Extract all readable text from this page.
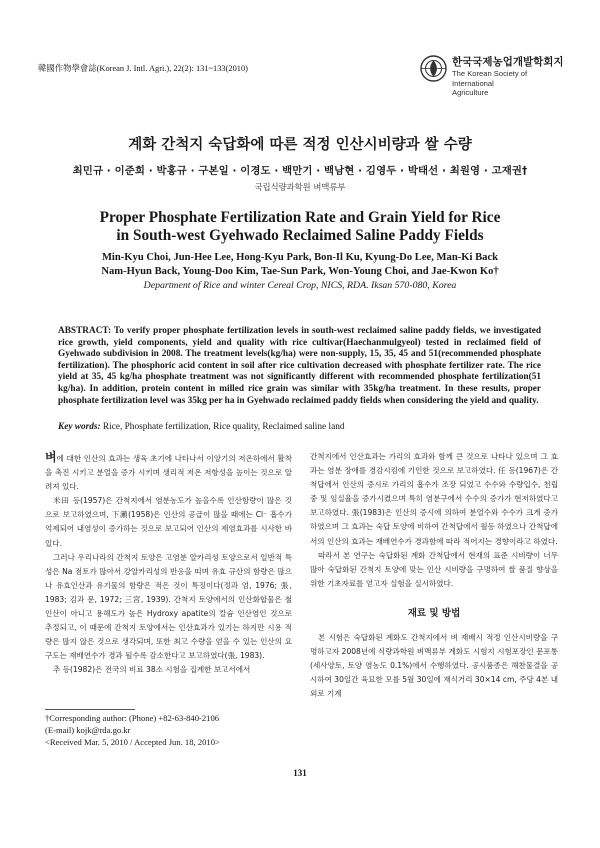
韓國作物學會誌(Korean J. Intl. Agri.), 22(2): 131~133(2010)
한국국제농업개발학회지
The Korean Society of International
Agriculture
계화 간척지 숙답화에 따른 적정 인산시비량과 쌀 수량
최민규 · 이준희 · 박홍규 · 구본일 · 이경도 · 백만기 · 백남현 · 김영두 · 박태선 · 최원영 · 고재권†
국립식량과학원 벼맥류부
Proper Phosphate Fertilization Rate and Grain Yield for Rice
in South-west Gyehwado Reclaimed Saline Paddy Fields
Min-Kyu Choi, Jun-Hee Lee, Hong-Kyu Park, Bon-Il Ku, Kyung-Do Lee, Man-Ki Back
Nam-Hyun Back, Young-Doo Kim, Tae-Sun Park, Won-Young Choi, and Jae-Kwon Ko†
Department of Rice and winter Cereal Crop, NICS, RDA. Iksan 570-080, Korea
ABSTRACT: To verify proper phosphate fertilization levels in south-west reclaimed saline paddy fields, we investigated rice growth, yield components, yield and quality with rice cultivar(Haechanmulgyeol) tested in reclaimed field of Gyehwado subdivision in 2008. The treatment levels(kg/ha) were non-supply, 15, 35, 45 and 51(recommended phosphate fertilization). The phosphoric acid content in soil after rice cultivation decreased with phosphate fertilizer rate. The rice yield at 35, 45 kg/ha phosphate treatment was not significantly different with recommended phosphate fertilization(51 kg/ha). In addition, protein content in milled rice grain was similar with 35kg/ha treatment. In these results, proper phosphate fertilization level was 35kg per ha in Gyehwado reclaimed paddy fields when considering the yield and quality.
Key words: Rice, Phosphate fertilization, Rice quality, Reclaimed saline land

벼에 대한 인산의 효과는 생육 초기에 나타나서 이앙기의 저온하에서 활착을 촉진 시키고 분얼을 증가 시키며 생리적 저온 저항성을 높이는 것으로 알려져 있다.

米田 등(1957)은 간척지에서 염분농도가 높을수록 인산함량이 많은 것으로 보고하였으며, 下瀨(1958)은 인산의 공급이 많을 때에는 Cl⁻ 흡수가 억제되어 내염성이 증가하는 것으로 보고되어 인산의 제염효과를 시사한 바 있다.

그러나 우리나라의 간척지 토양은 고염분 알카리성 토양으로서 일반적 특성은 Na 점토가 많아서 강알카리성의 반응을 띠며 유효 규산의 함량은 많으나 유효인산과 유기물의 함량은 적은 것이 특징이다(정과 엄, 1976; 張, 1983; 김과 문, 1972; 三宮, 1939). 간척지 토양에서의 인산화합물은 철인산이 아니고 용해도가 높은 Hydroxy apatite의 칼슘 인산염인 것으로 추정되고, 이 때문에 간척지 토양에서는 인산효과가 있기는 하지만 시용 적량은 많지 않은 것으로 생각되며, 또한 최고 수량을 얻을 수 있는 인산의 요구도는 재배연수가 경과 될수록 감소한다고 보고하였다(張, 1983).

추 등(1982)은 전국의 비료 38소 시험을 집계한 보고서에서

간척지에서 인산효과는 가리의 효과와 함께 큰 것으로 나타나 있으며 그 효과는 염분 장애를 경감시킴에 기인한 것으로 보고하였다. 任 등(1967)은 간척답에서 인산의 증시로 가리의 흡수가 조장 되었고 수수와 수량입수, 천립중 및 임실율을 증가시켰으며 특히 염분구에서 수수의 증가가 현저하였다고 보고하였다. 張(1983)은 인산의 증시에 의하여 분얼수와 수수가 크게 증가하였으며 그 효과는 숙답 토양에 비하여 간척답에서 월등 하였으나 간척답에서의 인산의 효과는 재배연수가 경과함에 따라 적어지는 경향이라고 하였다.

따라서 본 연구는 숙답화된 계화 간척답에서 현재의 표준 시비량이 너무 많아 숙답화된 간척지 토양에 맞는 인산 시비량을 구명하여 쌀 품질 향상을 위한 기초자료를 얻고자 실험을 실시하였다.

재료 및 방법

본 시험은 숙답화된 계화도 간척지에서 벼 재배시 적정 인산시비량을 구명하고자 2008년에 식량과학원 벼맥류부 계화도 시험지 시험포장인 문포통(세사양토, 토양 염농도 0.1%)에서 수행하였다. 공시품종은 해찬물결을 공시하여 30일간 육묘한 모를 5월 30일에 재식거리 30×14 cm, 주당 4본 내외로 기계

†Corresponding author: (Phone) +82-63-840-2106
(E-mail) kojk@rda.go.kr
<Received Mar. 5, 2010 / Accepted Jun. 18, 2010>
131
